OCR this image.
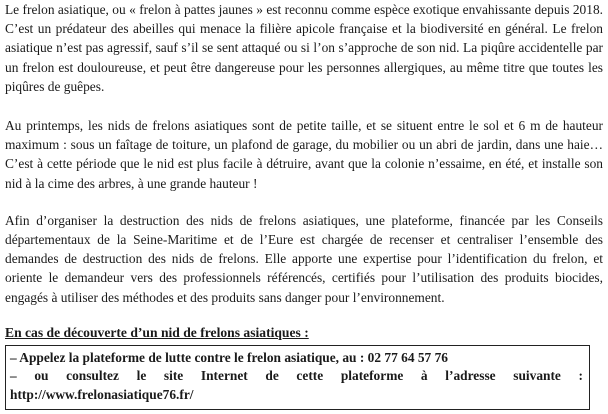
Le frelon asiatique, ou « frelon à pattes jaunes » est reconnu comme espèce exotique envahissante depuis 2018. C’est un prédateur des abeilles qui menace la filière apicole française et la biodiversité en général. Le frelon asiatique n’est pas agressif, sauf s’il se sent attaqué ou si l’on s’approche de son nid. La piqûre accidentelle par un frelon est douloureuse, et peut être dangereuse pour les personnes allergiques, au même titre que toutes les piqûres de guêpes.

Au printemps, les nids de frelons asiatiques sont de petite taille, et se situent entre le sol et 6 m de hauteur maximum : sous un faîtage de toiture, un plafond de garage, du mobilier ou un abri de jardin, dans une haie… C’est à cette période que le nid est plus facile à détruire, avant que la colonie n’essaime, en été, et installe son nid à la cime des arbres, à une grande hauteur !

Afin d’organiser la destruction des nids de frelons asiatiques, une plateforme, financée par les Conseils départementaux de la Seine-Maritime et de l’Eure est chargée de recenser et centraliser l’ensemble des demandes de destruction des nids de frelons. Elle apporte une expertise pour l’identification du frelon, et oriente le demandeur vers des professionnels référencés, certifiés pour l’utilisation des produits biocides, engagés à utiliser des méthodes et des produits sans danger pour l’environnement.

En cas de découverte d’un nid de frelons asiatiques :

– Appelez la plateforme de lutte contre le frelon asiatique, au : 02 77 64 57 76

– ou consultez le site Internet de cette plateforme à l’adresse suivante :

http://www.frelonasiatique76.fr/
